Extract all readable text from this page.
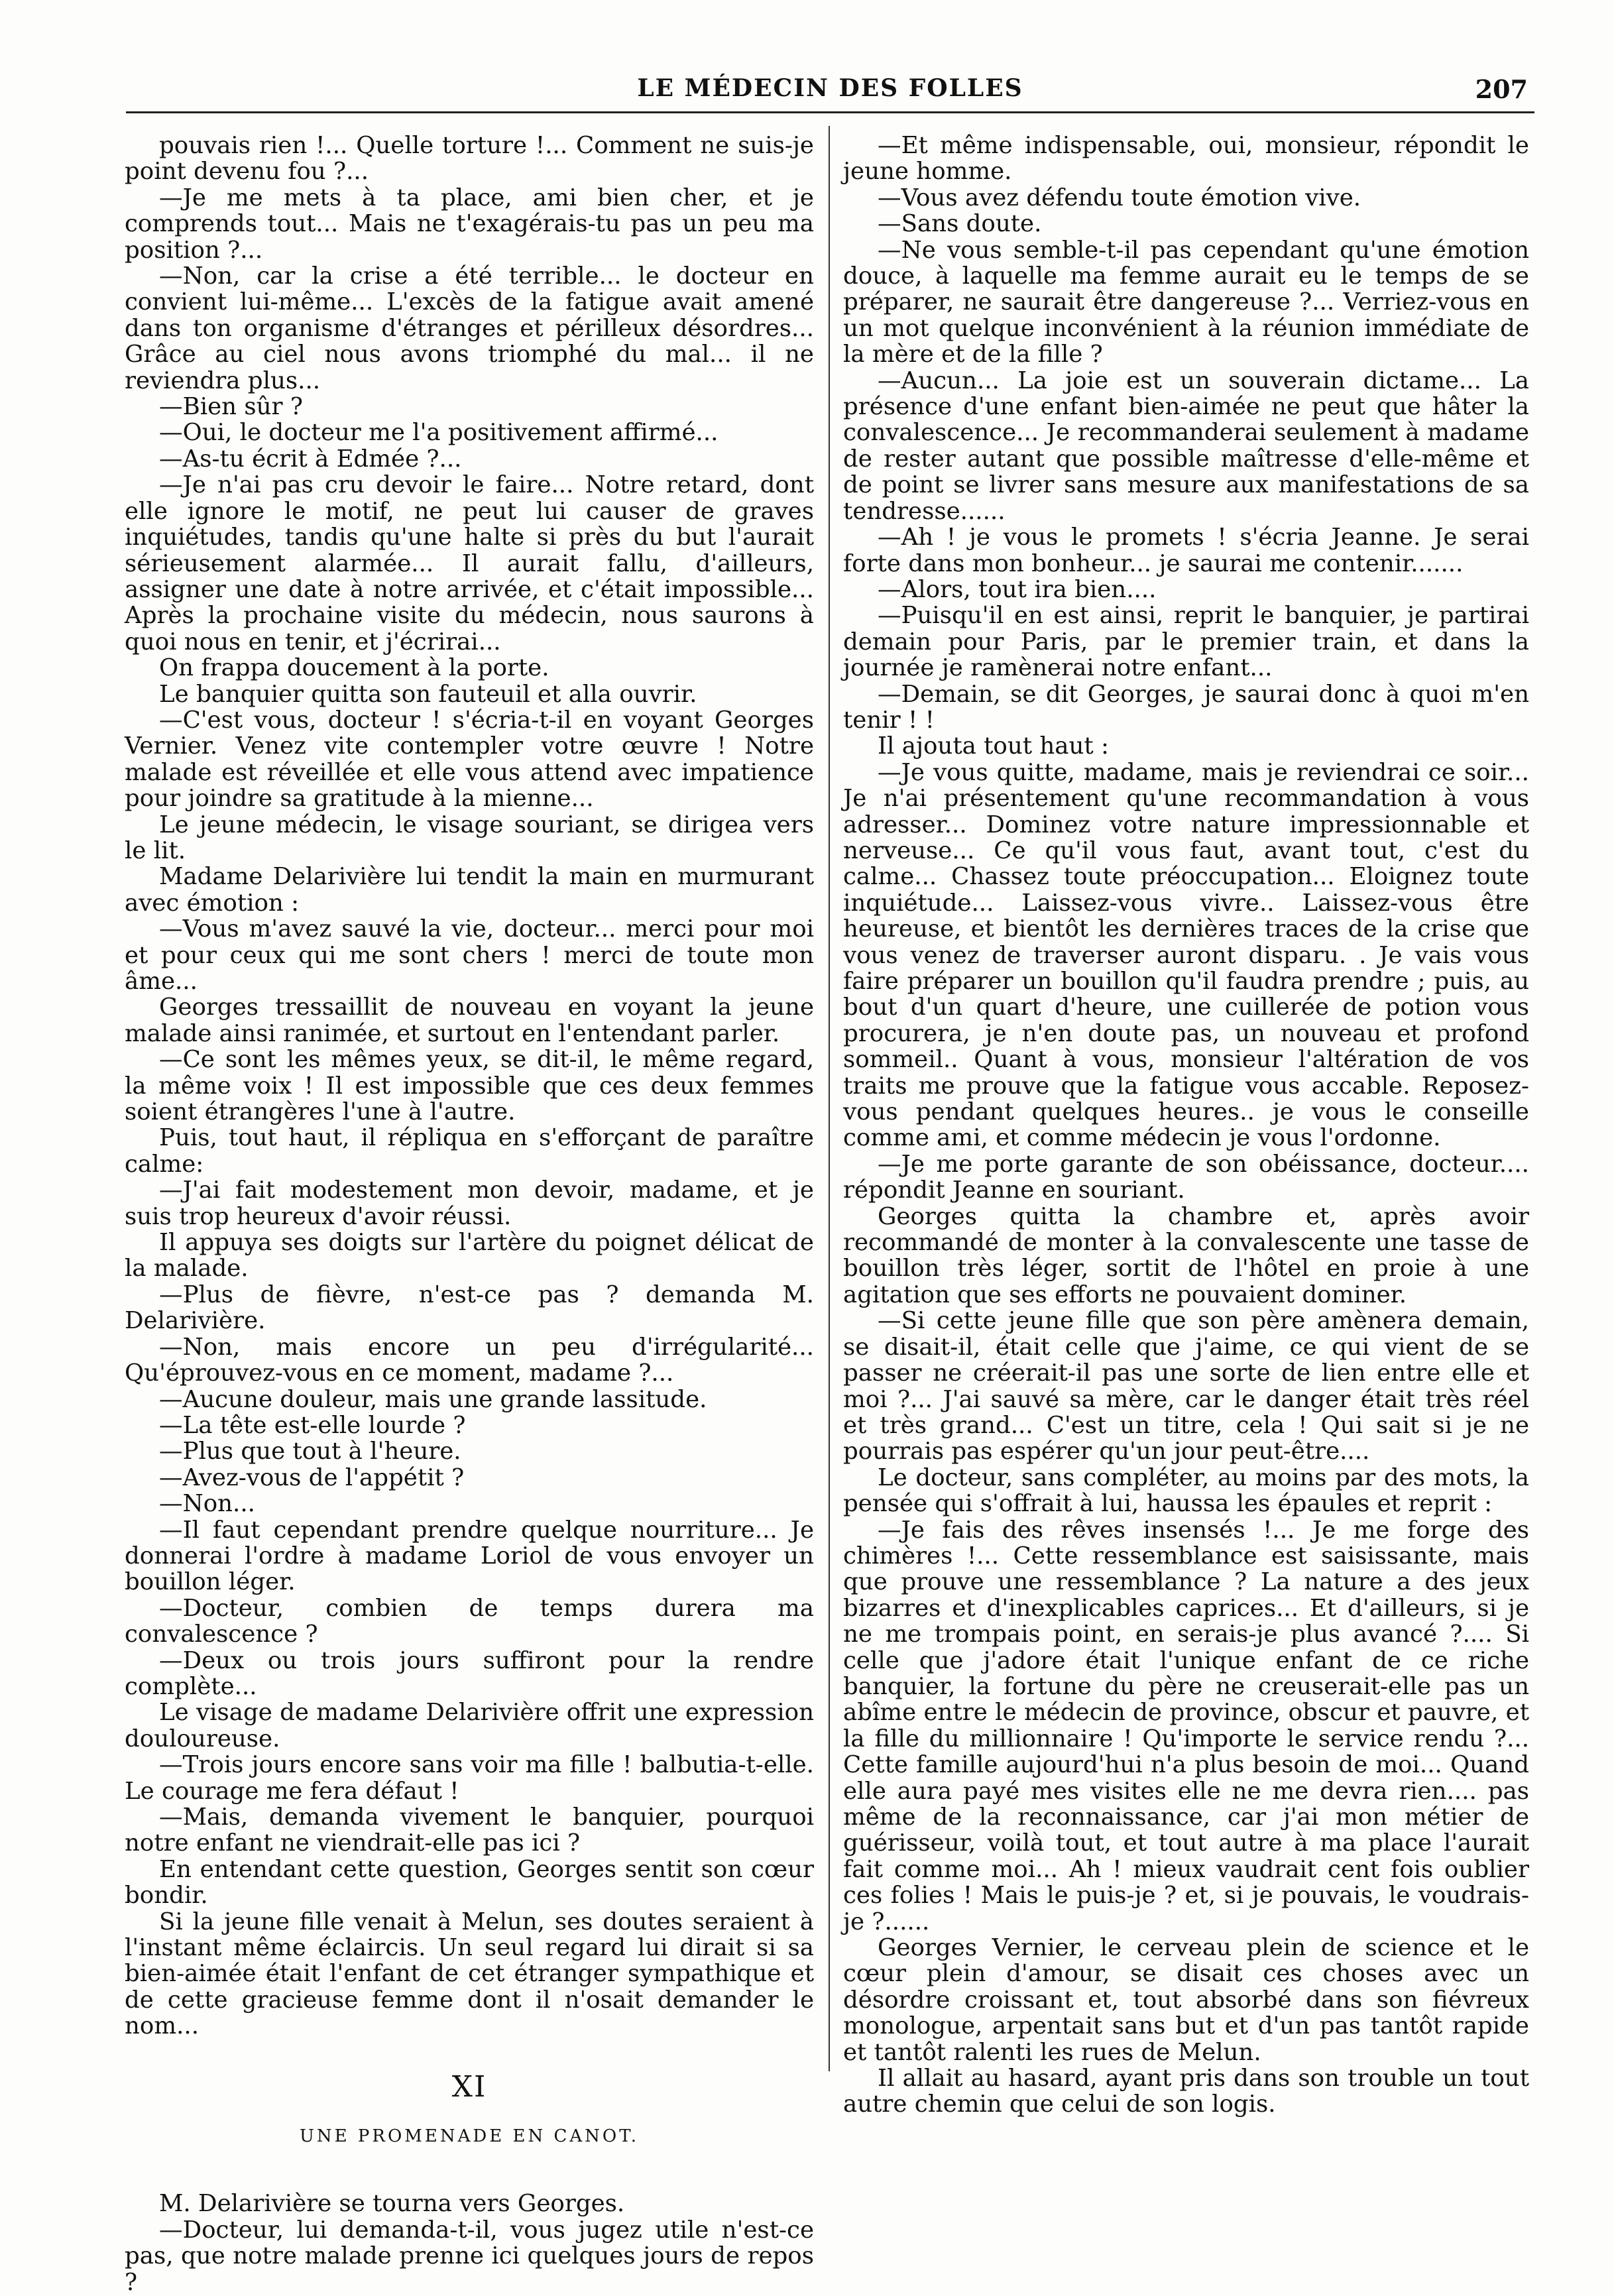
LE MÉDECIN DES FOLLES	207

pouvais rien !... Quelle torture !... Comment ne suis-je point devenu fou ?...

—Je me mets à ta place, ami bien cher, et je comprends tout... Mais ne t'exagérais-tu pas un peu ma position ?...

—Non, car la crise a été terrible... le docteur en convient lui-même... L'excès de la fatigue avait amené dans ton organisme d'étranges et périlleux désordres... Grâce au ciel nous avons triomphé du mal... il ne reviendra plus...

—Bien sûr ?

—Oui, le docteur me l'a positivement affirmé...

—As-tu écrit à Edmée ?...

—Je n'ai pas cru devoir le faire... Notre retard, dont elle ignore le motif, ne peut lui causer de graves inquiétudes, tandis qu'une halte si près du but l'aurait sérieusement alarmée... Il aurait fallu, d'ailleurs, assigner une date à notre arrivée, et c'était impossible... Après la prochaine visite du médecin, nous saurons à quoi nous en tenir, et j'écrirai...

On frappa doucement à la porte.

Le banquier quitta son fauteuil et alla ouvrir.

—C'est vous, docteur ! s'écria-t-il en voyant Georges Vernier. Venez vite contempler votre œuvre ! Notre malade est réveillée et elle vous attend avec impatience pour joindre sa gratitude à la mienne...

Le jeune médecin, le visage souriant, se dirigea vers le lit.

Madame Delarivière lui tendit la main en murmurant avec émotion :

—Vous m'avez sauvé la vie, docteur... merci pour moi et pour ceux qui me sont chers ! merci de toute mon âme...

Georges tressaillit de nouveau en voyant la jeune malade ainsi ranimée, et surtout en l'entendant parler.

—Ce sont les mêmes yeux, se dit-il, le même regard, la même voix ! Il est impossible que ces deux femmes soient étrangères l'une à l'autre.

Puis, tout haut, il répliqua en s'efforçant de paraître calme:

—J'ai fait modestement mon devoir, madame, et je suis trop heureux d'avoir réussi.

Il appuya ses doigts sur l'artère du poignet délicat de la malade.

—Plus de fièvre, n'est-ce pas ? demanda M. Delarivière.

—Non, mais encore un peu d'irrégularité... Qu'éprouvez-vous en ce moment, madame ?...

—Aucune douleur, mais une grande lassitude.

—La tête est-elle lourde ?

—Plus que tout à l'heure.

—Avez-vous de l'appétit ?

—Non...

—Il faut cependant prendre quelque nourriture... Je donnerai l'ordre à madame Loriol de vous envoyer un bouillon léger.

—Docteur, combien de temps durera ma convalescence ?

—Deux ou trois jours suffiront pour la rendre complète...

Le visage de madame Delarivière offrit une expression douloureuse.

—Trois jours encore sans voir ma fille ! balbutia-t-elle. Le courage me fera défaut !

—Mais, demanda vivement le banquier, pourquoi notre enfant ne viendrait-elle pas ici ?

En entendant cette question, Georges sentit son cœur bondir.

Si la jeune fille venait à Melun, ses doutes seraient à l'instant même éclaircis. Un seul regard lui dirait si sa bien-aimée était l'enfant de cet étranger sympathique et de cette gracieuse femme dont il n'osait demander le nom...

XI

UNE PROMENADE EN CANOT.

M. Delarivière se tourna vers Georges.

—Docteur, lui demanda-t-il, vous jugez utile n'est-ce pas, que notre malade prenne ici quelques jours de repos ?

—Et même indispensable, oui, monsieur, répondit le jeune homme.

—Vous avez défendu toute émotion vive.

—Sans doute.

—Ne vous semble-t-il pas cependant qu'une émotion douce, à laquelle ma femme aurait eu le temps de se préparer, ne saurait être dangereuse ?... Verriez-vous en un mot quelque inconvénient à la réunion immédiate de la mère et de la fille ?

—Aucun... La joie est un souverain dictame... La présence d'une enfant bien-aimée ne peut que hâter la convalescence... Je recommanderai seulement à madame de rester autant que possible maîtresse d'elle-même et de point se livrer sans mesure aux manifestations de sa tendresse......

—Ah ! je vous le promets ! s'écria Jeanne. Je serai forte dans mon bonheur... je saurai me contenir.......

—Alors, tout ira bien....

—Puisqu'il en est ainsi, reprit le banquier, je partirai demain pour Paris, par le premier train, et dans la journée je ramènerai notre enfant...

—Demain, se dit Georges, je saurai donc à quoi m'en tenir ! !

Il ajouta tout haut :

—Je vous quitte, madame, mais je reviendrai ce soir... Je n'ai présentement qu'une recommandation à vous adresser... Dominez votre nature impressionnable et nerveuse... Ce qu'il vous faut, avant tout, c'est du calme... Chassez toute préoccupation... Eloignez toute inquiétude... Laissez-vous vivre.. Laissez-vous être heureuse, et bientôt les dernières traces de la crise que vous venez de traverser auront disparu. . Je vais vous faire préparer un bouillon qu'il faudra prendre ; puis, au bout d'un quart d'heure, une cuillerée de potion vous procurera, je n'en doute pas, un nouveau et profond sommeil.. Quant à vous, monsieur l'altération de vos traits me prouve que la fatigue vous accable. Reposez-vous pendant quelques heures.. je vous le conseille comme ami, et comme médecin je vous l'ordonne.

—Je me porte garante de son obéissance, docteur.... répondit Jeanne en souriant.

Georges quitta la chambre et, après avoir recommandé de monter à la convalescente une tasse de bouillon très léger, sortit de l'hôtel en proie à une agitation que ses efforts ne pouvaient dominer.

—Si cette jeune fille que son père amènera demain, se disait-il, était celle que j'aime, ce qui vient de se passer ne créerait-il pas une sorte de lien entre elle et moi ?... J'ai sauvé sa mère, car le danger était très réel et très grand... C'est un titre, cela ! Qui sait si je ne pourrais pas espérer qu'un jour peut-être....

Le docteur, sans compléter, au moins par des mots, la pensée qui s'offrait à lui, haussa les épaules et reprit :

—Je fais des rêves insensés !... Je me forge des chimères !... Cette ressemblance est saisissante, mais que prouve une ressemblance ? La nature a des jeux bizarres et d'inexplicables caprices... Et d'ailleurs, si je ne me trompais point, en serais-je plus avancé ?.... Si celle que j'adore était l'unique enfant de ce riche banquier, la fortune du père ne creuserait-elle pas un abîme entre le médecin de province, obscur et pauvre, et la fille du millionnaire ! Qu'importe le service rendu ?... Cette famille aujourd'hui n'a plus besoin de moi... Quand elle aura payé mes visites elle ne me devra rien.... pas même de la reconnaissance, car j'ai mon métier de guérisseur, voilà tout, et tout autre à ma place l'aurait fait comme moi... Ah ! mieux vaudrait cent fois oublier ces folies ! Mais le puis-je ? et, si je pouvais, le voudrais-je ?......

Georges Vernier, le cerveau plein de science et le cœur plein d'amour, se disait ces choses avec un désordre croissant et, tout absorbé dans son fiévreux monologue, arpentait sans but et d'un pas tantôt rapide et tantôt ralenti les rues de Melun.

Il allait au hasard, ayant pris dans son trouble un tout autre chemin que celui de son logis.
